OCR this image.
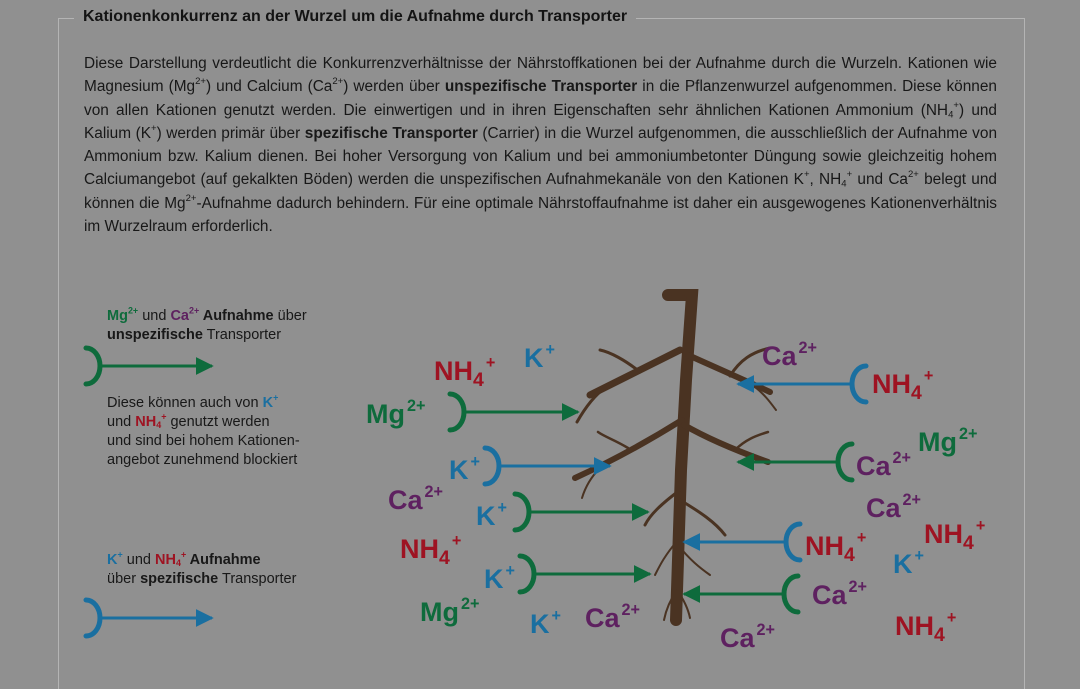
Kationenkonkurrenz an der Wurzel um die Aufnahme durch Transporter

Diese Darstellung verdeutlicht die Konkurrenzverhältnisse der Nährstoffkationen bei der Aufnahme durch die Wurzeln. Kationen wie Magnesium $(Mg^{2+})$ und Calcium $(Ca^{2+})$ werden über unspezifische Transporter in die Pflanzenwurzel aufgenommen. Diese können von allen Kationen genutzt werden. Die einwertigen und in ihren Eigenschaften sehr ähnlichen Kationen Ammonium $(NH_4^+)$ und Kalium (K+) werden primär über spezifische Transporter (Carrier) in die Wurzel aufgenommen, die ausschließlich der Aufnahme von Ammonium bzw. Kalium dienen. Bei hoher Versorgung von Kalium und bei ammoniumbetonter Düngung sowie gleichzeitig hohem Calciumangebot (auf gekalkten Böden) werden die unspezifischen Aufnahmekanäle von den Kationen K+, $NH_4^+$ und $Ca^{2+}$ belegt und können die $Mg^{2+}$-Aufnahme dadurch behindern. Für eine optimale Nährstoffaufnahme ist daher ein ausgewogenes Kationenverhältnis im Wurzelraum erforderlich.

$Mg^{2+}$ und $Ca^{2+}$ Aufnahme über
unspezifische Transporter
Diese können auch von K+
und $NH_4^+$ genutzt werden
und sind bei hohem Kationen-
angebot zunehmend blockiert
K+ und $NH_4^+$ Aufnahme
über spezifische Transporter
$NH_4^+$ K +
Mg $^{2+}$
K +
Ca $^{2+}$
K +
$NH_4^+$
K +
Mg $^{2+}$
K + Ca $^{2+}$
Ca $^{2+}$
$NH_4^+$
Ca $^{2+}$
Mg $^{2+}$
Ca $^{2+}$
$NH_4^+$
$NH_4^+$
K +
Ca $^{2+}$
$NH_4^+$
Ca $^{2+}$
